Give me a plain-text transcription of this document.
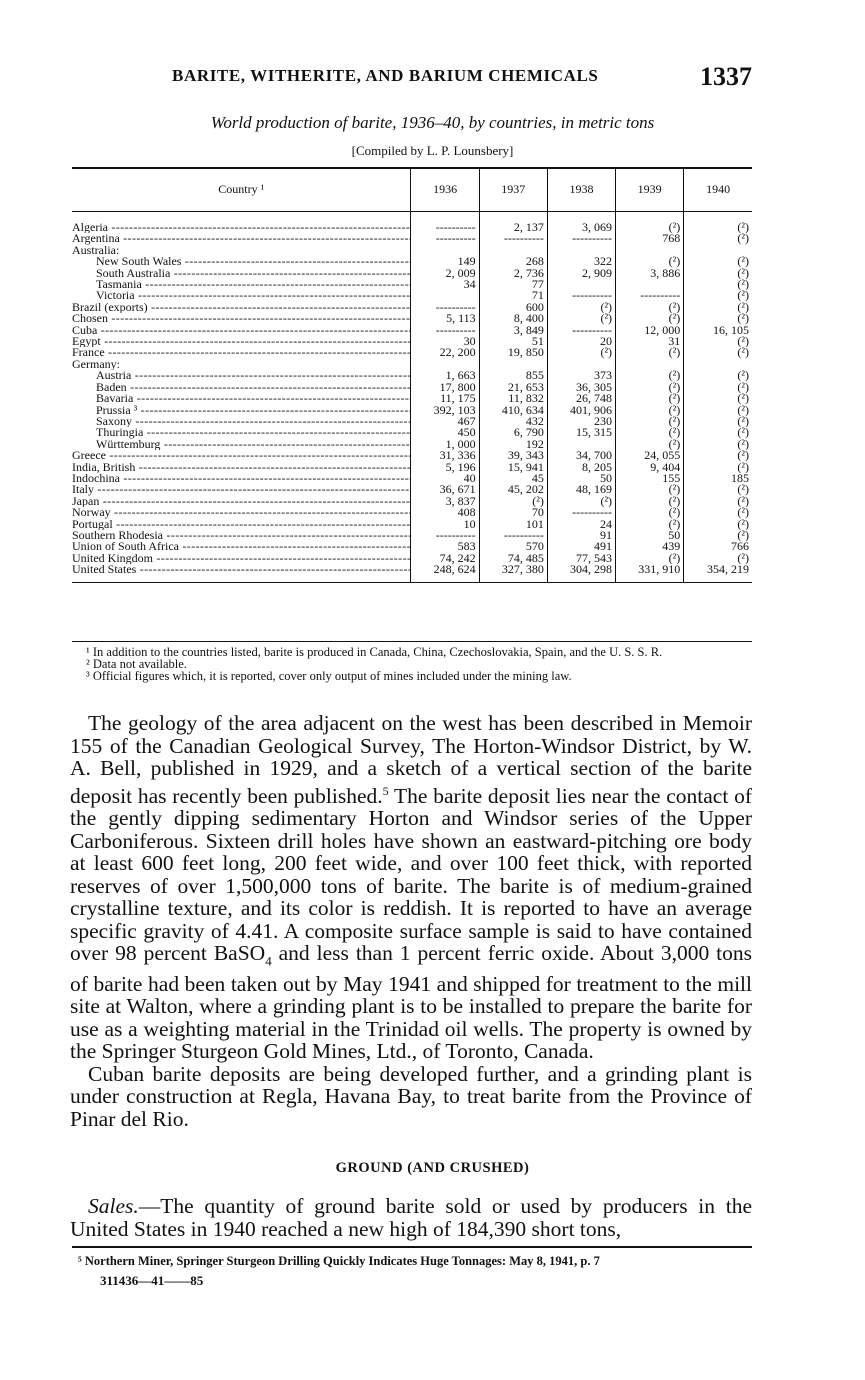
BARITE, WITHERITE, AND BARIUM CHEMICALS	1337
World production of barite, 1936–40, by countries, in metric tons
[Compiled by L. P. Lounsbery]
Country ¹	1936	1937	1938	1939	1940

Algeria -----	----------	2, 137	3, 069	(²)	(²)
Argentina -----	----------	----------	----------	768	(²)
Australia:					
New South Wales -----	149	268	322	(²)	(²)
South Australia -----	2, 009	2, 736	2, 909	3, 886	(²)
Tasmania -----	34	77			(²)
Victoria -----		71	----------	----------	(²)
Brazil (exports) -----	----------	600	(²)	(²)	(²)
Chosen -----	5, 113	8, 400	(²)	(²)	(²)
Cuba -----	----------	3, 849	----------	12, 000	16, 105
Egypt -----	30	51	20	31	(²)
France -----	22, 200	19, 850	(²)	(²)	(²)
Germany:					
Austria -----	1, 663	855	373	(²)	(²)
Baden -----	17, 800	21, 653	36, 305	(²)	(²)
Bavaria -----	11, 175	11, 832	26, 748	(²)	(²)
Prussia ³ -----	392, 103	410, 634	401, 906	(²)	(²)
Saxony -----	467	432	230	(²)	(²)
Thuringia -----	450	6, 790	15, 315	(²)	(²)
Württemburg -----	1, 000	192		(²)	(²)
Greece -----	31, 336	39, 343	34, 700	24, 055	(²)
India, British -----	5, 196	15, 941	8, 205	9, 404	(²)
Indochina -----	40	45	50	155	185
Italy -----	36, 671	45, 202	48, 169	(²)	(²)
Japan -----	3, 837	(²)	(²)	(²)	(²)
Norway -----	408	70	----------	(²)	(²)
Portugal -----	10	101	24	(²)	(²)
Southern Rhodesia -----	----------	----------	91	50	(²)
Union of South Africa -----	583	570	491	439	766
United Kingdom -----	74, 242	74, 485	77, 543	(²)	(²)
United States -----	248, 624	327, 380	304, 298	331, 910	354, 219
¹ In addition to the countries listed, barite is produced in Canada, China, Czechoslovakia, Spain, and the U. S. S. R.
² Data not available.
³ Official figures which, it is reported, cover only output of mines included under the mining law.

The geology of the area adjacent on the west has been described in Memoir 155 of the Canadian Geological Survey, The Horton-Windsor District, by W. A. Bell, published in 1929, and a sketch of a vertical section of the barite deposit has recently been published.$^5$ The barite deposit lies near the contact of the gently dipping sedimentary Horton and Windsor series of the Upper Carboniferous. Sixteen drill holes have shown an eastward-pitching ore body at least 600 feet long, 200 feet wide, and over 100 feet thick, with reported reserves of over 1,500,000 tons of barite. The barite is of medium-grained crystalline texture, and its color is reddish. It is reported to have an average specific gravity of 4.41. A composite surface sample is said to have contained over 98 percent BaSO$_4$ and less than 1 percent ferric oxide. About 3,000 tons of barite had been taken out by May 1941 and shipped for treatment to the mill site at Walton, where a grinding plant is to be installed to prepare the barite for use as a weighting material in the Trinidad oil wells. The property is owned by the Springer Sturgeon Gold Mines, Ltd., of Toronto, Canada.

Cuban barite deposits are being developed further, and a grinding plant is under construction at Regla, Havana Bay, to treat barite from the Province of Pinar del Rio.

GROUND (AND CRUSHED)

Sales.—The quantity of ground barite sold or used by producers in the United States in 1940 reached a new high of 184,390 short tons,

⁵ Northern Miner, Springer Sturgeon Drilling Quickly Indicates Huge Tonnages: May 8, 1941, p. 7
311436—41——85
